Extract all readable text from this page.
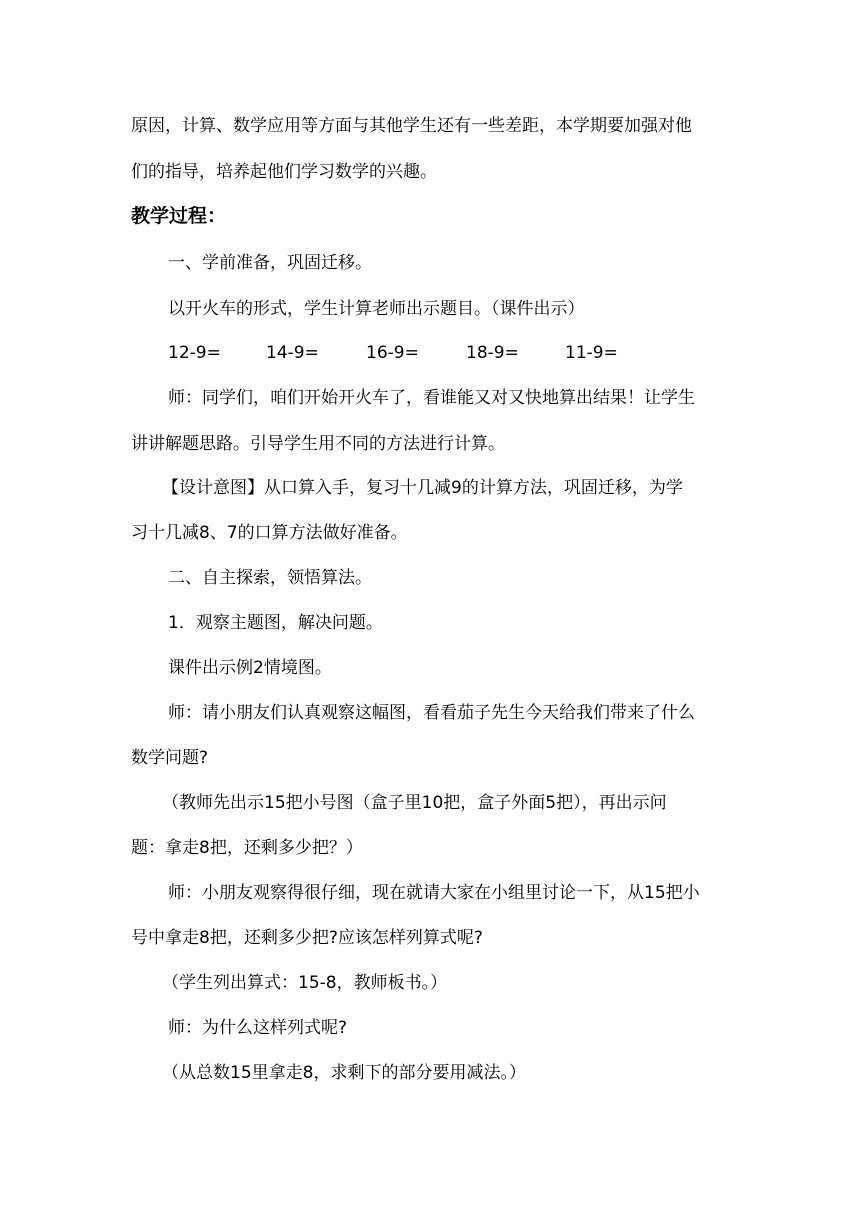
原因，计算、数学应用等方面与其他学生还有一些差距，本学期要加强对他
们的指导，培养起他们学习数学的兴趣。
教学过程：
一、学前准备，巩固迁移。
以开火车的形式，学生计算老师出示题目。（课件出示）
12-9=	14-9=	16-9=	18-9=	11-9=
师：同学们，咱们开始开火车了，看谁能又对又快地算出结果！让学生
讲讲解题思路。引导学生用不同的方法进行计算。
【设计意图】从口算入手，复习十几减9的计算方法，巩固迁移，为学
习十几减8、7的口算方法做好准备。
二、自主探索，领悟算法。
1．观察主题图，解决问题。
课件出示例2情境图。
师：请小朋友们认真观察这幅图，看看茄子先生今天给我们带来了什么
数学问题?
（教师先出示15把小号图（盒子里10把，盒子外面5把），再出示问
题：拿走8把，还剩多少把？）
师：小朋友观察得很仔细，现在就请大家在小组里讨论一下，从15把小
号中拿走8把，还剩多少把?应该怎样列算式呢?
（学生列出算式：15-8，教师板书。）
师：为什么这样列式呢?
（从总数15里拿走8，求剩下的部分要用减法。）
